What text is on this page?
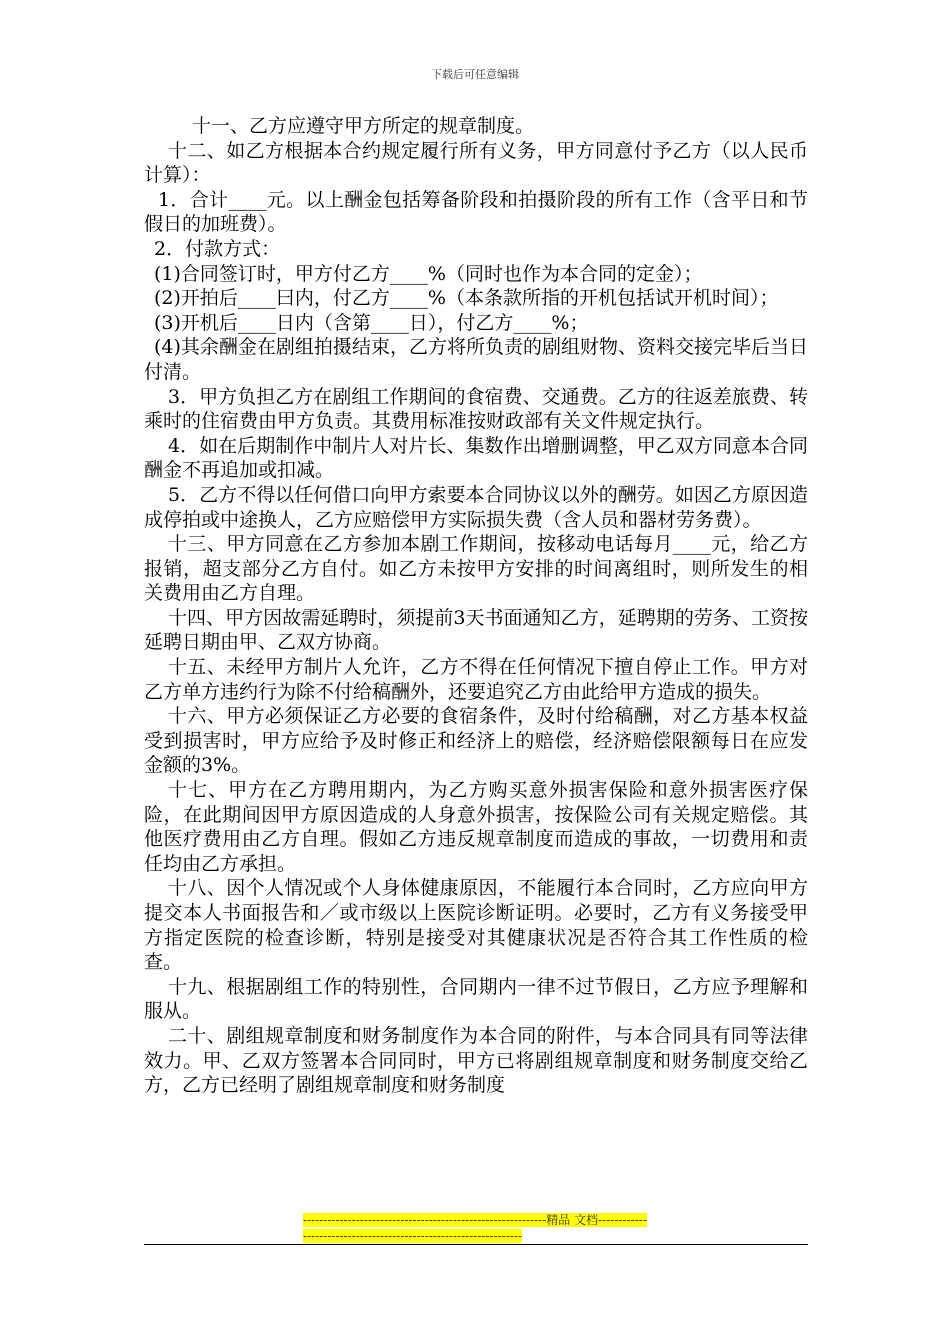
下载后可任意编辑

十一、乙方应遵守甲方所定的规章制度。

十二、如乙方根据本合约规定履行所有义务，甲方同意付予乙方（以人民币计算）：

1．合计____元。以上酬金包括筹备阶段和拍摄阶段的所有工作（含平日和节假日的加班费）。

2．付款方式：

(1)合同签订时，甲方付乙方____%（同时也作为本合同的定金）；

(2)开拍后____曰内，付乙方____%（本条款所指的开机包括试开机时间）；

(3)开机后____日内（含第____日），付乙方____%；

(4)其余酬金在剧组拍摄结束，乙方将所负责的剧组财物、资料交接完毕后当日付清。

3．甲方负担乙方在剧组工作期间的食宿费、交通费。乙方的往返差旅费、转乘时的住宿费由甲方负责。其费用标准按财政部有关文件规定执行。

4．如在后期制作中制片人对片长、集数作出增删调整，甲乙双方同意本合同酬金不再追加或扣减。

5．乙方不得以任何借口向甲方索要本合同协议以外的酬劳。如因乙方原因造成停拍或中途换人，乙方应赔偿甲方实际损失费（含人员和器材劳务费）。

十三、甲方同意在乙方参加本剧工作期间，按移动电话每月____元，给乙方报销，超支部分乙方自付。如乙方未按甲方安排的时间离组时，则所发生的相关费用由乙方自理。

十四、甲方因故需延聘时，须提前3天书面通知乙方，延聘期的劳务、工资按延聘日期由甲、乙双方协商。

十五、未经甲方制片人允许，乙方不得在任何情况下擅自停止工作。甲方对乙方单方违约行为除不付给稿酬外，还要追究乙方由此给甲方造成的损失。

十六、甲方必须保证乙方必要的食宿条件，及时付给稿酬，对乙方基本权益受到损害时，甲方应给予及时修正和经济上的赔偿，经济赔偿限额每日在应发金额的3%。

十七、甲方在乙方聘用期内，为乙方购买意外损害保险和意外损害医疗保险，在此期间因甲方原因造成的人身意外损害，按保险公司有关规定赔偿。其他医疗费用由乙方自理。假如乙方违反规章制度而造成的事故，一切费用和责任均由乙方承担。

十八、因个人情况或个人身体健康原因，不能履行本合同时，乙方应向甲方提交本人书面报告和／或市级以上医院诊断证明。必要时，乙方有义务接受甲方指定医院的检查诊断，特别是接受对其健康状况是否符合其工作性质的检查。

十九、根据剧组工作的特别性，合同期内一律不过节假日，乙方应予理解和服从。

二十、剧组规章制度和财务制度作为本合同的附件，与本合同具有同等法律效力。甲、乙双方签署本合同同时，甲方已将剧组规章制度和财务制度交给乙方，乙方已经明了剧组规章制度和财务制度

------------------------------------------------------------精品 文档------------------------------------------------------------------
